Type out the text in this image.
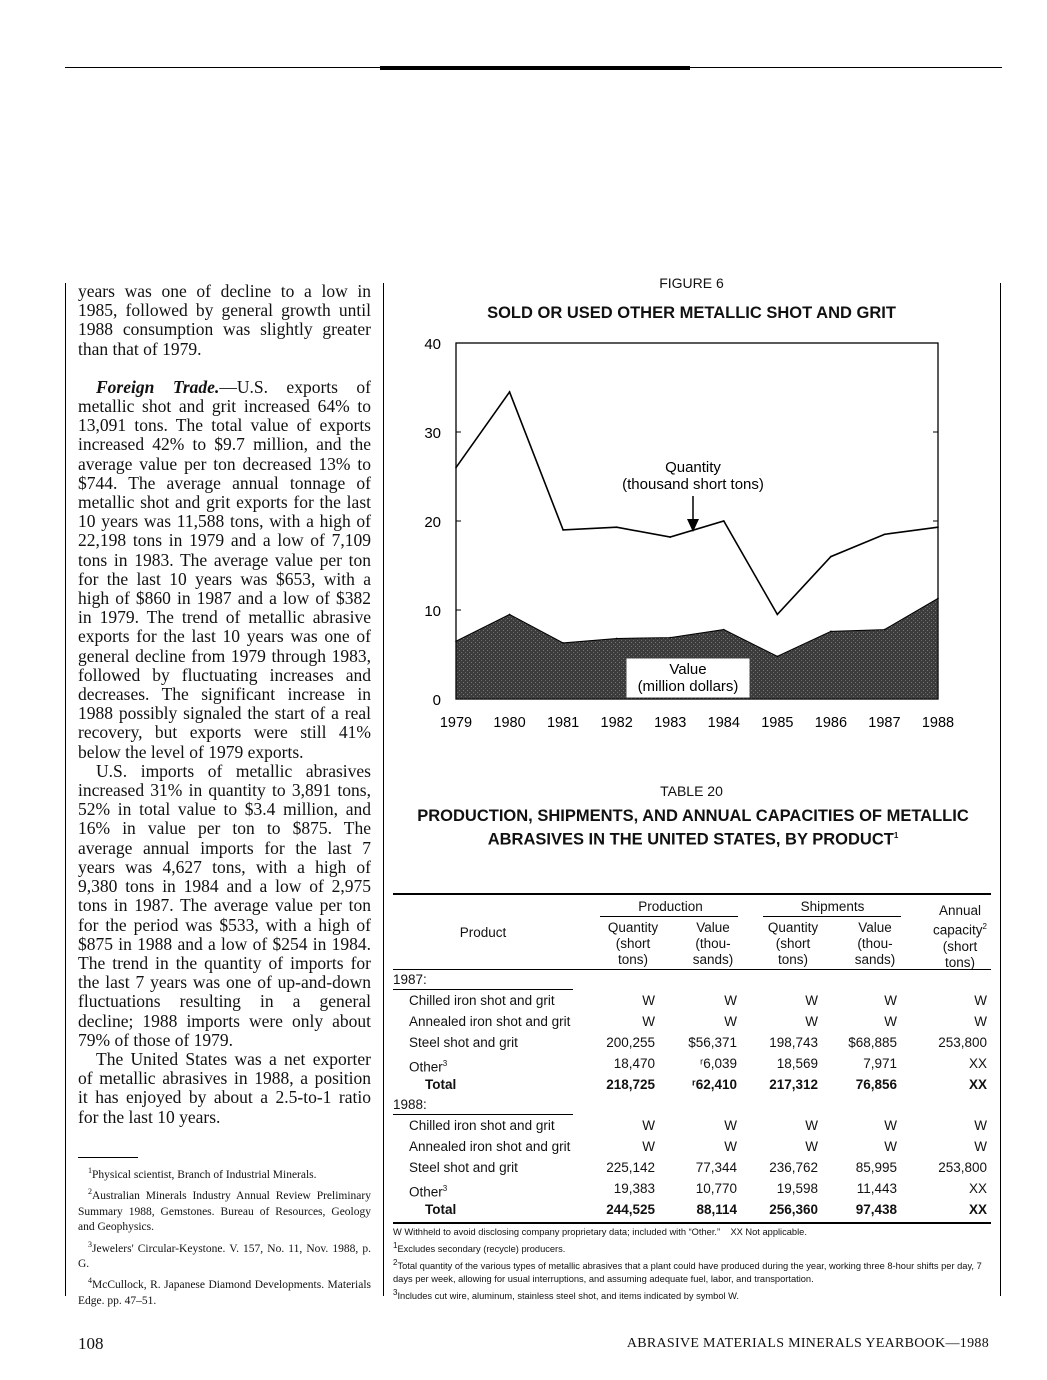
years was one of decline to a low in 1985, followed by general growth until 1988 consumption was slightly greater than that of 1979.

Foreign Trade.—U.S. exports of metallic shot and grit increased 64% to 13,091 tons. The total value of exports increased 42% to $9.7 million, and the average value per ton decreased 13% to $744. The average annual tonnage of metallic shot and grit exports for the last 10 years was 11,588 tons, with a high of 22,198 tons in 1979 and a low of 7,109 tons in 1983. The average value per ton for the last 10 years was $653, with a high of $860 in 1987 and a low of $382 in 1979. The trend of metallic abrasive exports for the last 10 years was one of general decline from 1979 through 1983, followed by fluctuating increases and decreases. The significant increase in 1988 possibly signaled the start of a real recovery, but exports were still 41% below the level of 1979 exports.

U.S. imports of metallic abrasives increased 31% in quantity to 3,891 tons, 52% in total value to $3.4 million, and 16% in value per ton to $875. The average annual imports for the last 7 years was 4,627 tons, with a high of 9,380 tons in 1984 and a low of 2,975 tons in 1987. The average value per ton for the period was $533, with a high of $875 in 1988 and a low of $254 in 1984. The trend in the quantity of imports for the last 7 years was one of up-and-down fluctuations resulting in a general decline; 1988 imports were only about 79% of those of 1979.

The United States was a net exporter of metallic abrasives in 1988, a position it has enjoyed by about a 2.5-to-1 ratio for the last 10 years.

$^1$Physical scientist, Branch of Industrial Minerals.

$^2$Australian Minerals Industry Annual Review Preliminary Summary 1988, Gemstones. Bureau of Resources, Geology and Geophysics.

$^3$Jewelers' Circular-Keystone. V. 157, No. 11, Nov. 1988, p. G.

$^4$McCullock, R. Japanese Diamond Developments. Materials Edge. pp. 47–51.

108	ABRASIVE MATERIALS MINERALS YEARBOOK—1988
FIGURE 6
SOLD OR USED OTHER METALLIC SHOT AND GRIT
0
10
20
30
40
1979 1980 1981 1982 1983 1984 1985 1986 1987 1988
Quantity
(thousand short tons)
Value
(million dollars)
TABLE 20
PRODUCTION, SHIPMENTS, AND ANNUAL CAPACITIES OF METALLIC ABRASIVES IN THE UNITED STATES, BY PRODUCT$^1$
Product
Production	Shipments
Quantity
(short
tons)
Value
(thou-
sands)
Quantity
(short
tons)
Value
(thou-
sands)
Annual
capacity$^2$
(short
tons)
1987:
Chilled iron shot and grit	W	W	W	W	W
Annealed iron shot and grit	W	W	W	W	W
Steel shot and grit	200,255	$56,371	198,743	$68,885	253,800
Other$^3$	18,470	ʳ6,039	18,569	7,971	XX
Total	218,725	ʳ62,410	217,312	76,856	XX
1988:
Chilled iron shot and grit	W	W	W	W	W
Annealed iron shot and grit	W	W	W	W	W
Steel shot and grit	225,142	77,344	236,762	85,995	253,800
Other$^3$	19,383	10,770	19,598	11,443	XX
Total	244,525	88,114	256,360	97,438	XX

W Withheld to avoid disclosing company proprietary data; included with “Other.” XX Not applicable.

$^1$Excludes secondary (recycle) producers.

$^2$Total quantity of the various types of metallic abrasives that a plant could have produced during the year, working three 8-hour shifts per day, 7 days per week, allowing for usual interruptions, and assuming adequate fuel, labor, and transportation.

$^3$Includes cut wire, aluminum, stainless steel shot, and items indicated by symbol W.
